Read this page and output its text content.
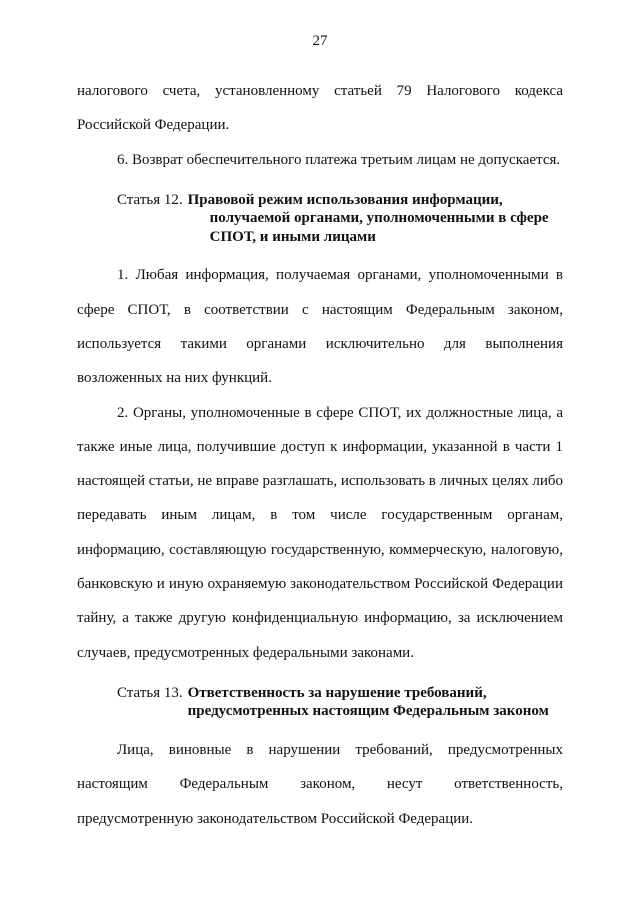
27

налогового счета, установленному статьей 79 Налогового кодекса Российской Федерации.

6. Возврат обеспечительного платежа третьим лицам не допускается.

Статья 12. Правовой режим использования информации,
получаемой органами, уполномоченными в сфере
СПОТ, и иными лицами

1. Любая информация, получаемая органами, уполномоченными в сфере СПОТ, в соответствии с настоящим Федеральным законом, используется такими органами исключительно для выполнения возложенных на них функций.

2. Органы, уполномоченные в сфере СПОТ, их должностные лица, а также иные лица, получившие доступ к информации, указанной в части 1 настоящей статьи, не вправе разглашать, использовать в личных целях либо передавать иным лицам, в том числе государственным органам, информацию, составляющую государственную, коммерческую, налоговую, банковскую и иную охраняемую законодательством Российской Федерации тайну, а также другую конфиденциальную информацию, за исключением случаев, предусмотренных федеральными законами.

Статья 13. Ответственность за нарушение требований,
предусмотренных настоящим Федеральным законом

Лица, виновные в нарушении требований, предусмотренных настоящим Федеральным законом, несут ответственность, предусмотренную законодательством Российской Федерации.
